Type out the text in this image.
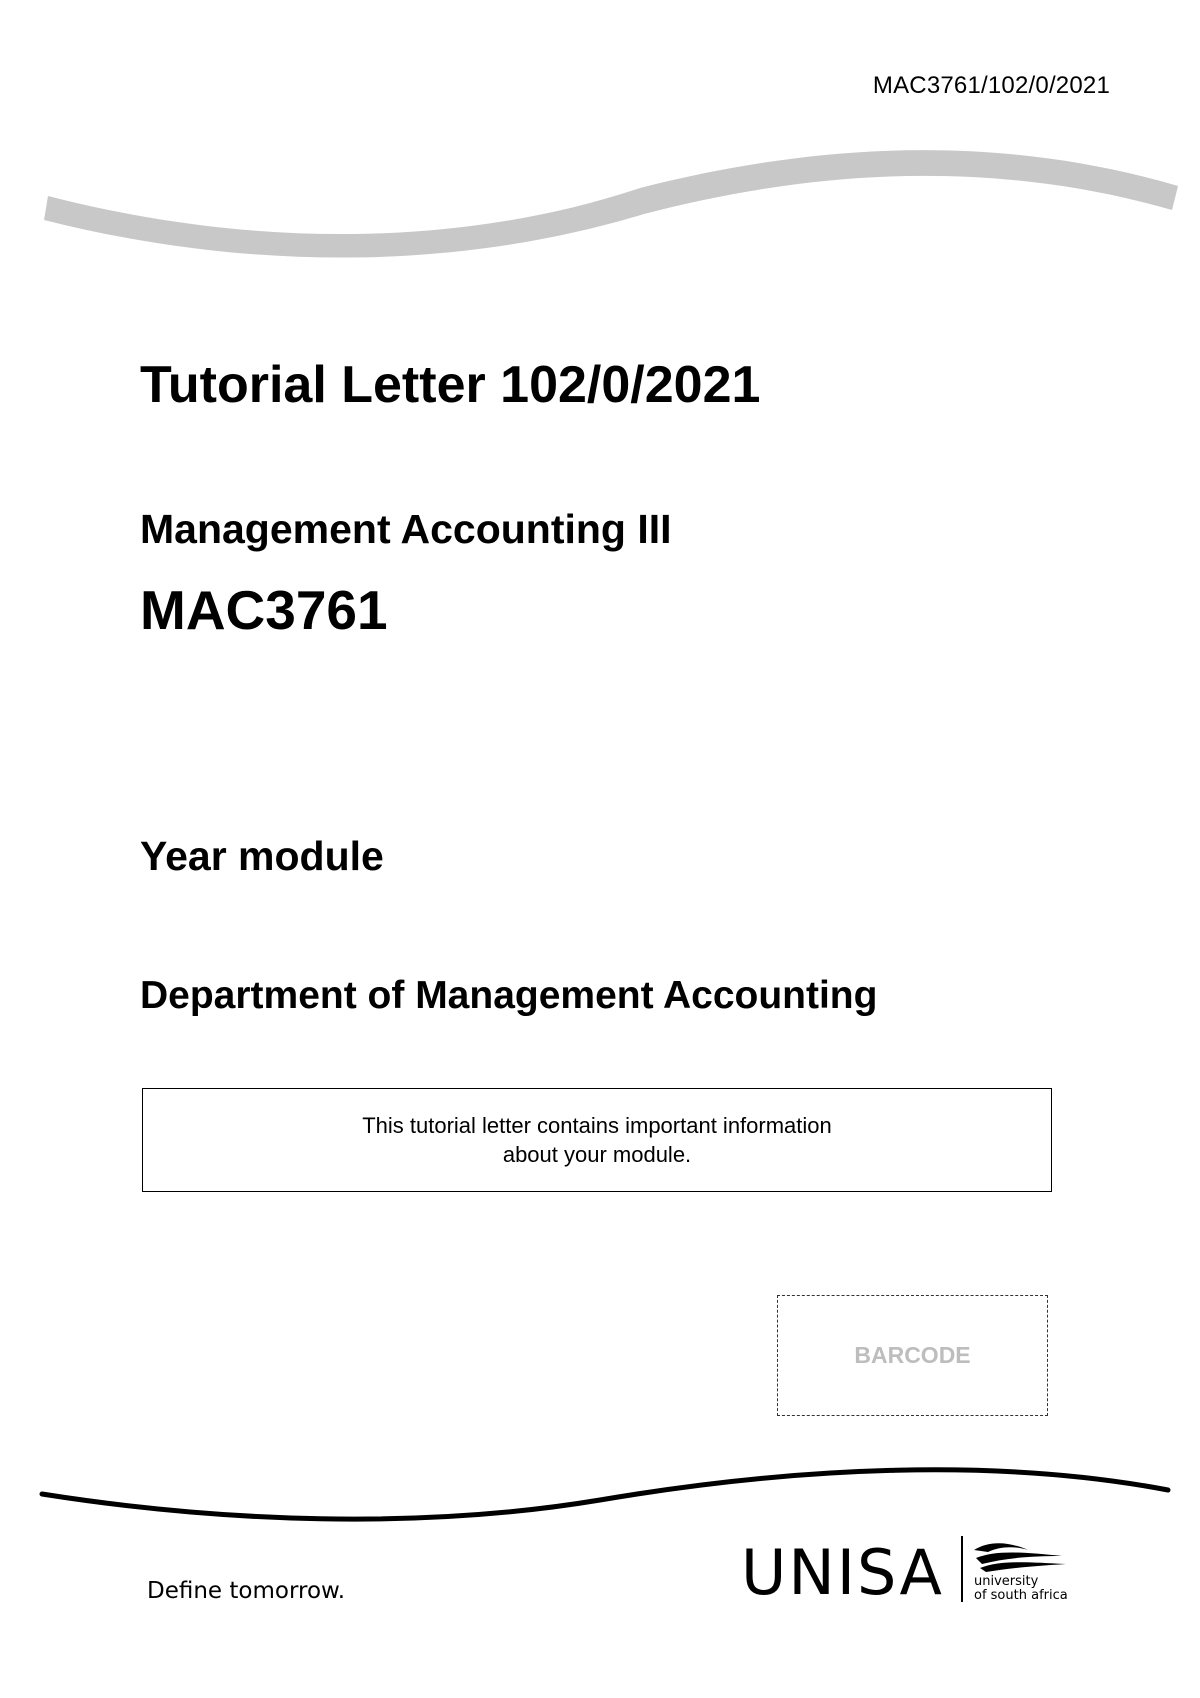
MAC3761/102/0/2021
Tutorial Letter 102/0/2021
Management Accounting III
MAC3761
Year module
Department of Management Accounting
This tutorial letter contains important information
about your module.
BARCODE
Define tomorrow.	UNISA university
of south africa
